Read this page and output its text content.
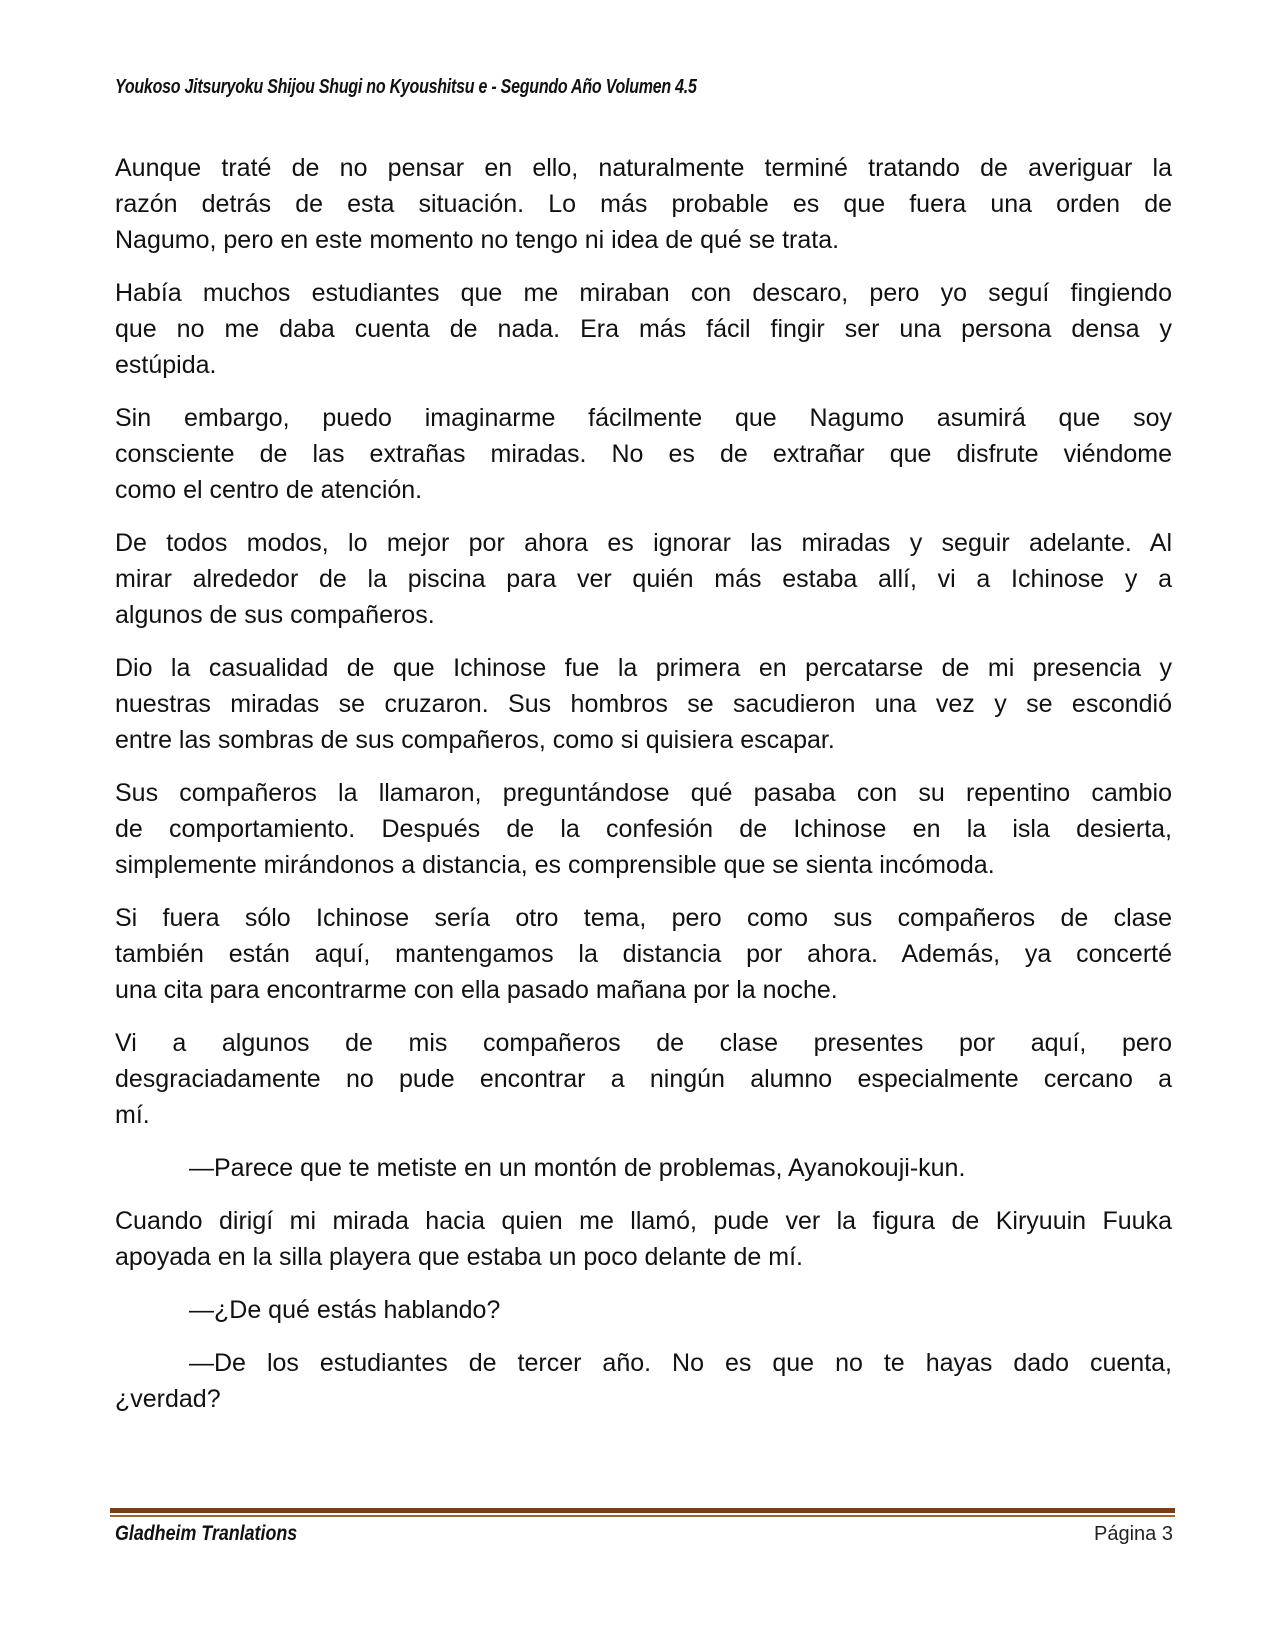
Youkoso Jitsuryoku Shijou Shugi no Kyoushitsu e - Segundo Año Volumen 4.5
Aunque traté de no pensar en ello, naturalmente terminé tratando de averiguar la
razón detrás de esta situación. Lo más probable es que fuera una orden de
Nagumo, pero en este momento no tengo ni idea de qué se trata.
Había muchos estudiantes que me miraban con descaro, pero yo seguí fingiendo
que no me daba cuenta de nada. Era más fácil fingir ser una persona densa y
estúpida.
Sin embargo, puedo imaginarme fácilmente que Nagumo asumirá que soy
consciente de las extrañas miradas. No es de extrañar que disfrute viéndome
como el centro de atención.
De todos modos, lo mejor por ahora es ignorar las miradas y seguir adelante. Al
mirar alrededor de la piscina para ver quién más estaba allí, vi a Ichinose y a
algunos de sus compañeros.
Dio la casualidad de que Ichinose fue la primera en percatarse de mi presencia y
nuestras miradas se cruzaron. Sus hombros se sacudieron una vez y se escondió
entre las sombras de sus compañeros, como si quisiera escapar.
Sus compañeros la llamaron, preguntándose qué pasaba con su repentino cambio
de comportamiento. Después de la confesión de Ichinose en la isla desierta,
simplemente mirándonos a distancia, es comprensible que se sienta incómoda.
Si fuera sólo Ichinose sería otro tema, pero como sus compañeros de clase
también están aquí, mantengamos la distancia por ahora. Además, ya concerté
una cita para encontrarme con ella pasado mañana por la noche.
Vi a algunos de mis compañeros de clase presentes por aquí, pero
desgraciadamente no pude encontrar a ningún alumno especialmente cercano a
mí.
—Parece que te metiste en un montón de problemas, Ayanokouji-kun.
Cuando dirigí mi mirada hacia quien me llamó, pude ver la figura de Kiryuuin Fuuka
apoyada en la silla playera que estaba un poco delante de mí.
—¿De qué estás hablando?
—De los estudiantes de tercer año. No es que no te hayas dado cuenta,
¿verdad?
Gladheim Tranlations	Página 3
